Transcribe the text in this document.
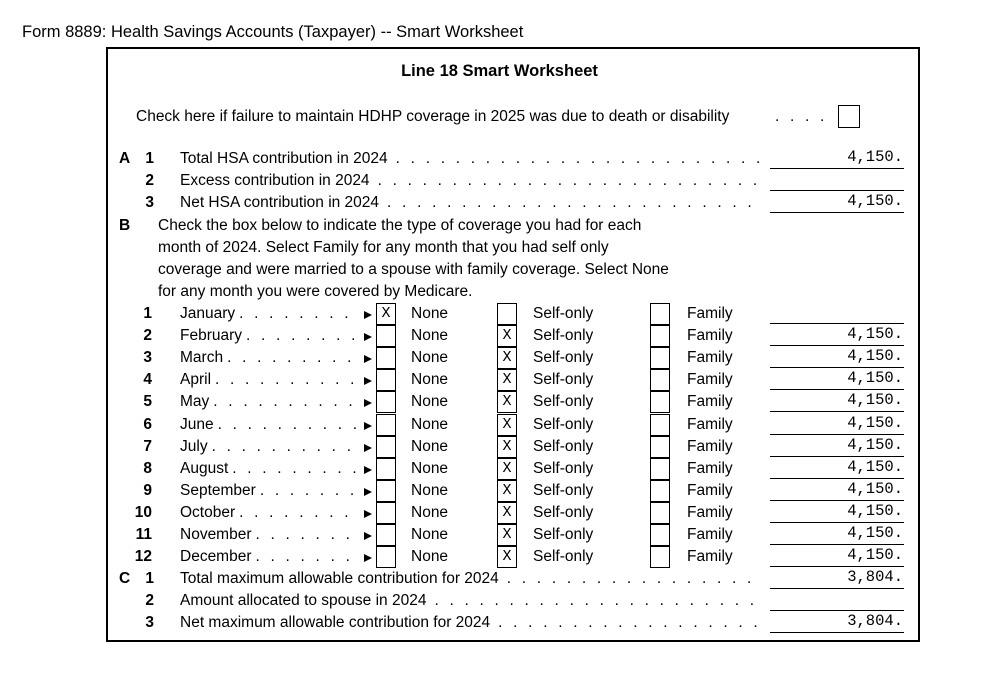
Form 8889: Health Savings Accounts (Taxpayer) -- Smart Worksheet
Line 18 Smart Worksheet
Check here if failure to maintain HDHP coverage in 2025 was due to death or disability
. . .
A 1 Total HSA contribution in 2024 . . .	4,150.
2 Excess contribution in 2024
. . .
3 Net HSA contribution in 2024 . . .	4,150.
B Check the box below to indicate the type of coverage you had for each
month of 2024. Select Family for any month that you had self only
coverage and were married to a spouse with family coverage. Select None
for any month you were covered by Medicare.
1 January . . .	X	None	Self-only	Family
2 February . . .	None	X	Self-only	Family	4,150.
3 March . . .	None	X	Self-only	Family	4,150.
4 April . . .	None	X	Self-only	Family	4,150.
5 May . . .	None	X	Self-only	Family	4,150.
6 June . . .	None	X	Self-only	Family	4,150.
7 July . . .	None	X	Self-only	Family	4,150.
8 August . . .	None	X	Self-only	Family	4,150.
9 September . . .	None	X	Self-only	Family	4,150.
10 October . . .	None	X	Self-only	Family	4,150.
11 November . . .	None	X	Self-only	Family	4,150.
12 December . . .	None	X	Self-only	Family	4,150.
C 1 Total maximum allowable contribution for 2024 . . .	3,804.
2 Amount allocated to spouse in 2024
. . .
3 Net maximum allowable contribution for 2024 . . .	3,804.
